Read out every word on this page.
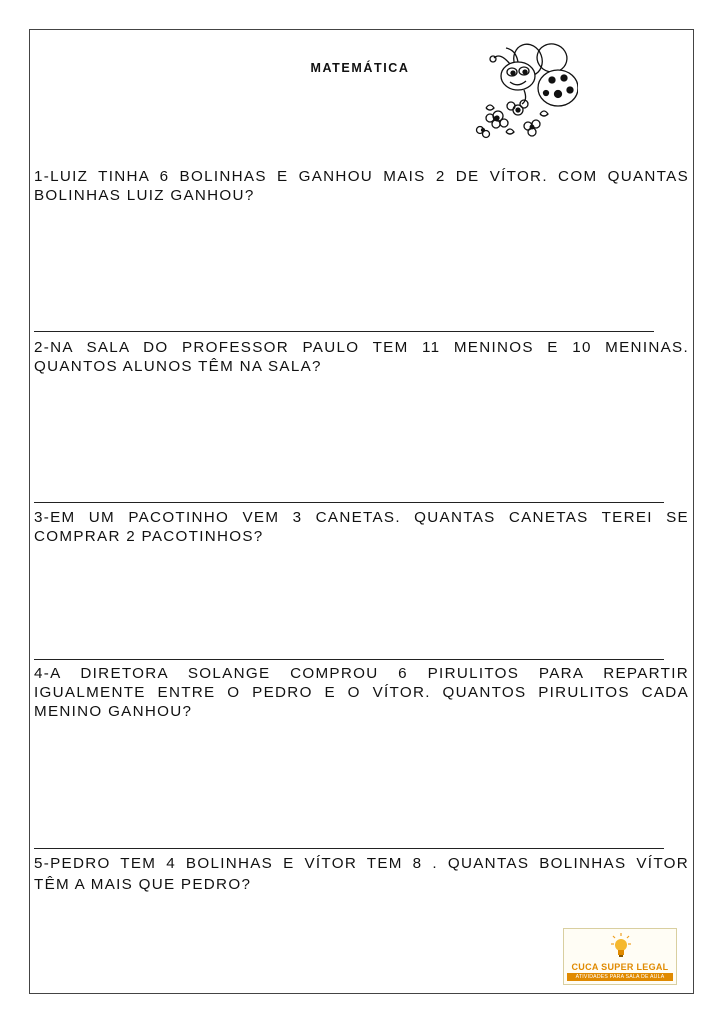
MATEMÁTICA
1-LUIZ TINHA 6 BOLINHAS E GANHOU MAIS 2 DE VÍTOR. COM QUANTAS
BOLINHAS LUIZ GANHOU?
2-NA SALA DO PROFESSOR PAULO TEM 11 MENINOS E 10 MENINAS.
QUANTOS ALUNOS TÊM NA SALA?
3-EM UM PACOTINHO VEM 3 CANETAS. QUANTAS CANETAS TEREI SE
COMPRAR 2 PACOTINHOS?
4-A DIRETORA SOLANGE COMPROU 6 PIRULITOS PARA REPARTIR
IGUALMENTE ENTRE O PEDRO E O VÍTOR. QUANTOS PIRULITOS CADA
MENINO GANHOU?
5-PEDRO TEM 4 BOLINHAS E VÍTOR TEM 8 . QUANTAS BOLINHAS VÍTOR
TÊM A MAIS QUE PEDRO?
CUCA SUPER LEGAL
ATIVIDADES PARA SALA DE AULA
